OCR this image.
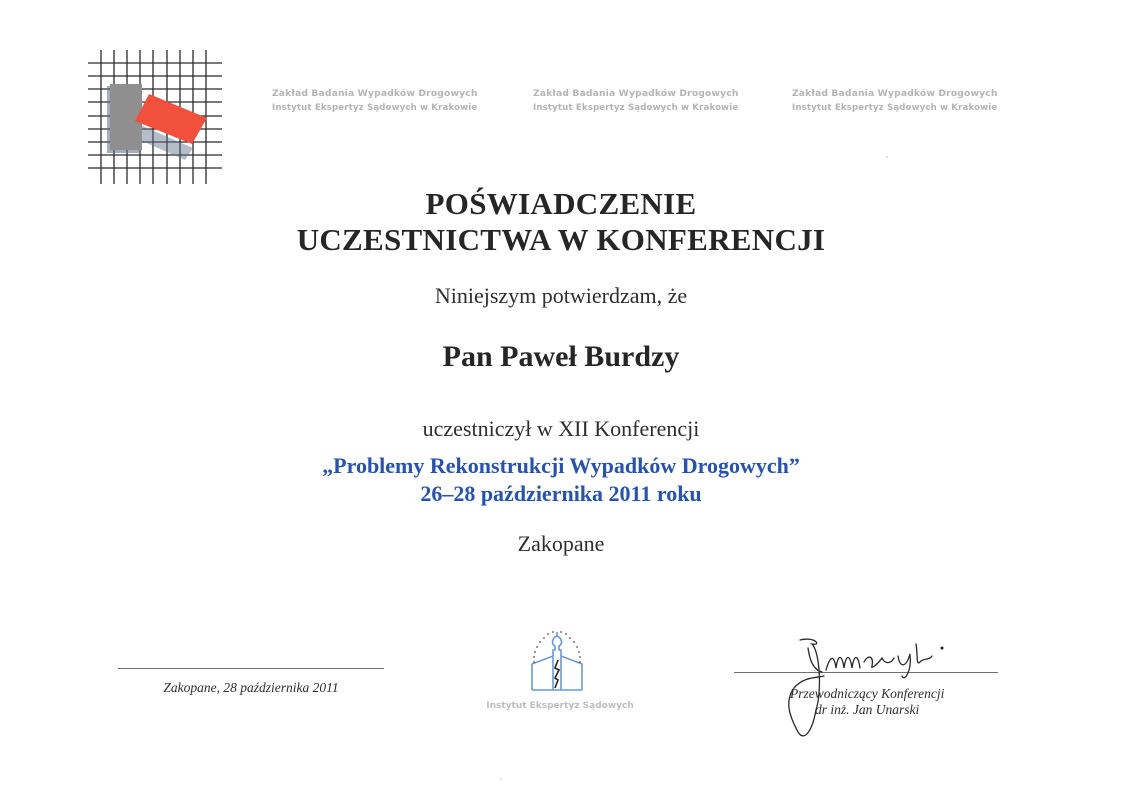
Zakład Badania Wypadków Drogowych
Instytut Ekspertyz Sądowych w Krakowie
Zakład Badania Wypadków Drogowych
Instytut Ekspertyz Sądowych w Krakowie
Zakład Badania Wypadków Drogowych
Instytut Ekspertyz Sądowych w Krakowie
POŚWIADCZENIE
UCZESTNICTWA W KONFERENCJI
Niniejszym potwierdzam, że
Pan Paweł Burdzy
uczestniczył w XII Konferencji
„Problemy Rekonstrukcji Wypadków Drogowych”
26–28 października 2011 roku
Zakopane
Zakopane, 28 października 2011
Instytut Ekspertyz Sądowych
Przewodniczący Konferencji
dr inż. Jan Unarski
